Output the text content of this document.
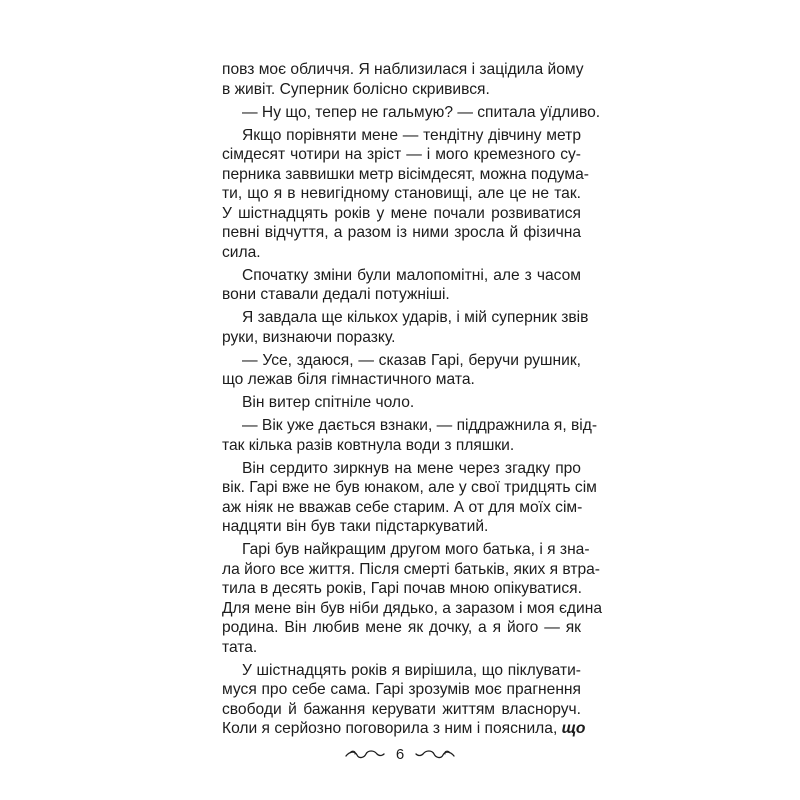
повз моє обличчя. Я наблизилася і зацідила йому
в живіт. Суперник болісно скривився.
— Ну що, тепер не гальмую? — спитала уїдливо.
Якщо порівняти мене — тендітну дівчину метр
сімдесят чотири на зріст — і мого кремезного су-
перника заввишки метр вісімдесят, можна подума-
ти, що я в невигідному становищі, але це не так.
У шістнадцять років у мене почали розвиватися
певні відчуття, а разом із ними зросла й фізична
сила.
Спочатку зміни були малопомітні, але з часом
вони ставали дедалі потужніші.
Я завдала ще кількох ударів, і мій суперник звів
руки, визнаючи поразку.
— Усе, здаюся, — сказав Гарі, беручи рушник,
що лежав біля гімнастичного мата.
Він витер спітніле чоло.
— Вік уже дається взнаки, — піддражнила я, від-
так кілька разів ковтнула води з пляшки.
Він сердито зиркнув на мене через згадку про
вік. Гарі вже не був юнаком, але у свої тридцять сім
аж ніяк не вважав себе старим. А от для моїх сім-
надцяти він був таки підстаркуватий.
Гарі був найкращим другом мого батька, і я зна-
ла його все життя. Після смерті батьків, яких я втра-
тила в десять років, Гарі почав мною опікуватися.
Для мене він був ніби дядько, а заразом і моя єдина
родина. Він любив мене як дочку, а я його — як
тата.
У шістнадцять років я вирішила, що піклувати-
муся про себе сама. Гарі зрозумів моє прагнення
свободи й бажання керувати життям власноруч.
Коли я серйозно поговорила з ним і пояснила, що
6
